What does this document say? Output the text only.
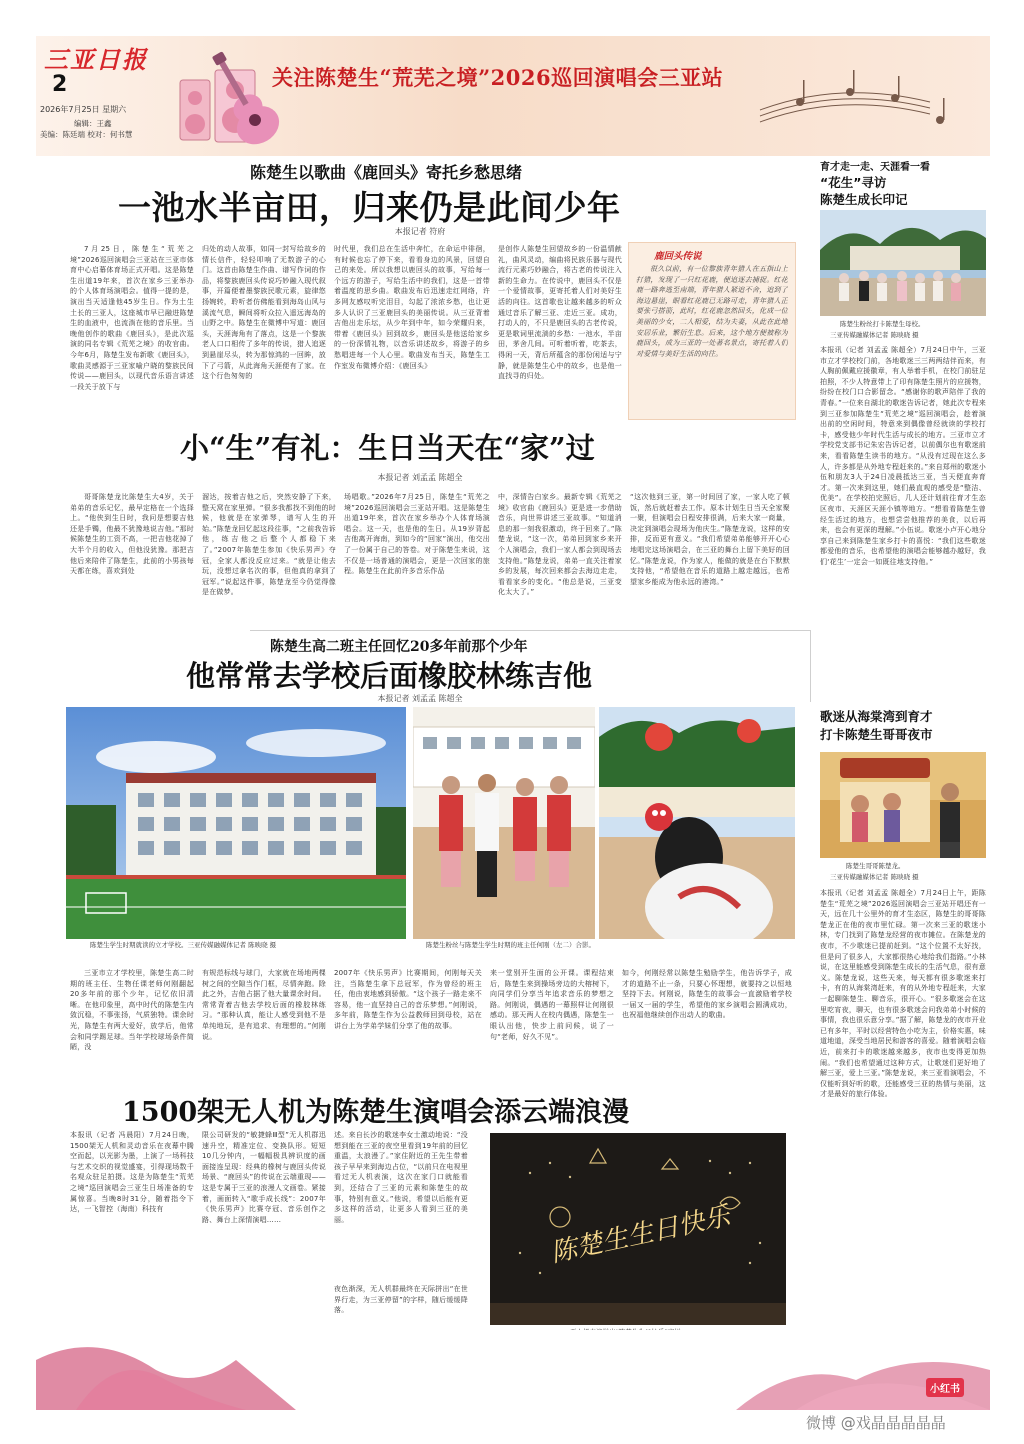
三亚日报
2
2026年7月25日 星期六
编辑：王鑫
美编：陈廷端 校对：何书慧
关注陈楚生“荒芜之境”2026巡回演唱会三亚站
陈楚生以歌曲《鹿回头》寄托乡愁思绪
一池水半亩田，归来仍是此间少年
本报记者 符府
7月25日，陈楚生“荒芜之境”2026巡回演唱会三亚站在三亚市体育中心启幕体育场正式开唱。这是陈楚生出道19年来，首次在家乡三亚举办的个人体育场演唱会。值得一提的是，演出当天适逢他45岁生日。作为土生土长的三亚人，这座城市早已融进陈楚生的血液中，也流淌在他的音乐里。当晚他创作的歌曲《鹿回头》，是此次巡演的同名专辑《荒芜之境》的收官曲。今年6月，陈楚生发布新歌《鹿回头》，歌曲灵感源于三亚家喻户晓的黎族民间传说——鹿回头，以现代音乐语言讲述一段关于放下与
归处的动人故事，如同一封写给故乡的情长信件，轻轻叩响了无数游子的心门。这首由陈楚生作曲、谱写作词的作品，将黎族鹿回头传说巧妙融入现代叙事，开篇便着墨黎族民歌元素，旋律悠扬婉转，聆听者仿佛能看到海岛山风与溪流气息，瞬间将听众拉入遥远海岛的山野之中。陈楚生在微博中写道：鹿回头，天涯海角有了落点，这是一个黎族老人口口相传了多年的传说，猎人追逐到悬崖尽头，转为那惊鸿的一回眸，放下了弓箭，从此海角天涯便有了家。在这个行色匆匆的
时代里，我们总在生活中奔忙，在命运中徘徊，有时候也忘了停下来，看看身边的风景，回望自己的来处。所以我想以鹿回头的故事，写给每一个远方的游子，写给生活中的我们，这是一首带着温度的思乡曲。歌曲发布后迅速走红网络，许多网友感叹听完泪目，勾起了浓浓乡愁，也让更多人认识了三亚鹿回头的美丽传说。从三亚背着吉他出走乐坛，从少年到中年，如今荣耀归来，带着《鹿回头》回到故乡，鹿回头是他送给家乡的一份深情礼物，以音乐讲述故乡，将游子的乡愁唱进每一个人心里。歌曲发布当天，陈楚生工作室发布微博介绍：《鹿回头》
是创作人陈楚生回望故乡的一份温情献礼，曲风灵动，编曲将民族乐器与现代流行元素巧妙融合，将古老的传说注入新的生命力。在传说中，鹿回头不仅是一个爱情故事，更寄托着人们对美好生活的向往。这首歌也让越来越多的听众通过音乐了解三亚、走近三亚。成功，打动人的，不只是鹿回头的古老传说，更是歌词里流淌的乡愁：一池水，半亩田，茅舍几间。可听着听着，吃茶去，得闲一天，背后所蕴含的那份闲适与宁静，就是陈楚生心中的故乡，也是他一直找寻的归处。
鹿回头传说
很久以前，有一位黎族青年猎人在五指山上打猎，发现了一只红花鹿，便追逐去捕捉。红花鹿一路奔逃至南端，青年猎人紧追不舍，追到了海边悬崖，眼看红花鹿已无路可走，青年猎人正要张弓搭箭，此时，红花鹿忽然回头，化成一位美丽的少女，二人相爱，结为夫妻，从此在此地安居乐业，繁衍生息。后来，这个地方便被称为鹿回头，成为三亚的一处著名景点，寄托着人们对爱情与美好生活的向往。
育才走一走、天涯看一看
“花生”寻访
陈楚生成长印记
陈楚生粉丝打卡陈楚生母校。
三亚传媒融媒体记者 陈映晓 摄
本报讯（记者 刘孟孟 陈超全）7月24日中午，三亚市立才学校校门前，各地歌迷三三两两结伴而来，有人胸前佩戴应援徽章，有人举着手机，在校门前驻足拍照，不少人特意带上了印有陈楚生照片的应援物，纷纷在校门口合影留念。“感谢你的歌声陪伴了我的青春。”一位来自湖北的歌迷告诉记者，她此次专程来到三亚参加陈楚生“荒芜之境”巡回演唱会，趁着演出前的空闲时间，特意来到偶像曾经就读的学校打卡，感受他少年时代生活与成长的地方。三亚市立才学校党支部书记朱宏告诉记者，以前偶尔也有歌迷前来，看看陈楚生读书的地方。“从没有过现在这么多人，许多都是从外地专程赶来的。”来自郑州的歌迷小伍和朋友3人于24日凌晨抵达三亚，当天便直奔育才。第一次来到这里，她们最直观的感受是“整洁、优美”。在学校拍完照后，几人还计划前往育才生态区夜市、天涯区天涯小镇等地方。“想看看陈楚生曾经生活过的地方，也想尝尝他推荐的美食，以后再来，也会有更深的理解。”小伍说。歌迷小卢开心地分享自己来到陈楚生家乡打卡的喜悦：“我们这些歌迷都爱他的音乐，也希望他的演唱会能够越办越好，我们‘花生’一定会一如既往地支持他。”
小“生”有礼：生日当天在“家”过
本报记者 刘孟孟 陈超全
哥哥陈楚龙比陈楚生大4岁，关于弟弟的音乐记忆，最早定格在一个选择上。“他侠到生日时，我问是想要吉他还是手镯，他最不犹豫地说吉他。”那时候陈楚生的工资不高，一把吉他花掉了大半个月的收入，但他没犹豫。那把吉他后来陪伴了陈楚生，此前的小男孩每天都在练，喜欢到处
溜达，按着吉他之后，突然安静了下来，整天窝在家里弹。“很多我都找不到他的时候，他就是在家弹琴，谱写人生的开始。”陈楚龙回忆起这段往事，“之前我告诉他，练吉他之后整个人都稳下来了。”2007年陈楚生参加《快乐男声》夺冠，全家人都没反应过来。“就是让他去玩，没想过拿名次的事，但他真的拿到了冠军。”说起这件事，陈楚龙至今仍觉得像是在做梦。
场唱歌。”2026年7月25日，陈楚生“荒芜之境”2026巡回演唱会三亚站开唱。这是陈楚生出道19年来，首次在家乡举办个人体育场演唱会。这一天，也是他的生日。从19岁背起吉他离开海南，到如今的“回家”演出，他交出了一份属于自己的答卷。对于陈楚生来说，这不仅是一场普通的演唱会，更是一次回家的旅程。陈楚生在此前许多音乐作品
中，深情告白家乡。最新专辑《荒芜之境》收官曲《鹿回头》更是进一步借助音乐，向世界讲述三亚故事。“知道消息的那一刻我很激动，终于回来了。”陈楚龙说，“这一次，弟弟回到家乡来开个人演唱会，我们一家人都会到现场去支持他。”陈楚龙说，弟弟一直关注着家乡的发展，每次回来都会去海边走走，看看家乡的变化。“他总是说，三亚变化太大了。”
“这次他到三亚，第一时间回了家，一家人吃了顿饭，然后就赶着去工作。原本计划生日当天全家聚一聚，但演唱会日程安排很满，后来大家一商量，决定到演唱会现场为他庆生。”陈楚龙说，这样的安排，反而更有意义。“我们希望弟弟能够开开心心地唱完这场演唱会，在三亚的舞台上留下美好的回忆。”陈楚龙说，作为家人，能做的就是在台下默默支持他，“希望他在音乐的道路上越走越远，也希望家乡能成为他永远的港湾。”
陈楚生高二班主任回忆20多年前那个少年
他常常去学校后面橡胶林练吉他
本报记者 刘孟孟 陈超全
陈楚生学生时期就读的立才学校。三亚传媒融媒体记者 陈映晓 摄	陈楚生粉丝与陈楚生学生时期的班主任何刚（左二）合影。
三亚市立才学校里，陈楚生高二时期的班主任、生物任课老师何刚翻起20多年前的那个少年，记忆依旧清晰。在他印象里，高中时代的陈楚生内敛沉稳，不事张扬，气质独特。课余时光，陈楚生有两大爱好，放学后，他常会和同学踢足球。当年学校球场条件简陋，没
有规范标线与球门，大家就在场地两棵树之间的空隙当作门框，尽情奔跑。除此之外，吉他占据了他大量课余时间。常常背着吉他去学校后面的橡胶林练习。“那种认真，能让人感受到他不是单纯地玩，是有追求、有理想的。”何刚说。
2007年《快乐男声》比赛期间，何刚每天关注，当陈楚生拿下总冠军，作为曾经的班主任，他由衷地感到骄傲。“这个孩子一路走来不容易，他一直坚持自己的音乐梦想。”何刚说，多年前，陈楚生作为公益教师回到母校，站在讲台上为学弟学妹们分享了他的故事。
来一堂别开生面的公开课。课程结束后，陈楚生来到操场旁边的大榕树下，向同学们分享当年追求音乐的梦想之路。何刚说，偶遇的一幕照样让何刚很感动。那天两人在校内偶遇，陈楚生一眼认出他，快步上前问候，说了一句“老师，好久不见”。
如今，何刚经常以陈楚生勉励学生，他告诉学子，成才的道路不止一条，只要心怀理想，就要持之以恒地坚持下去。何刚说，陈楚生的故事会一直激励着学校一届又一届的学生，希望他的家乡演唱会圆满成功，也祝福他继续创作出动人的歌曲。
歌迷从海棠湾到育才
打卡陈楚生哥哥夜市
陈楚生哥哥陈楚龙。
三亚传媒融媒体记者 陈映晓 摄
本报讯（记者 刘孟孟 陈超全）7月24日上午，距陈楚生“荒芜之境”2026巡回演唱会三亚站开唱还有一天，远在几十公里外的育才生态区，陈楚生的哥哥陈楚龙正在他的夜市里忙碌。第一次来三亚的歌迷小林，专门找到了陈楚龙经营的夜市摊位。在陈楚龙的夜市，不少歌迷已提前赶到。“这个位置不太好找，但是问了很多人，大家都很热心地给我们指路。”小林说，在这里能感受到陈楚生成长的生活气息，很有意义。陈楚龙说，这些天来，每天都有很多歌迷来打卡，有的从海棠湾赶来，有的从外地专程赶来，大家一起聊陈楚生、聊音乐，很开心。“很多歌迷会在这里吃宵夜，聊天，也有很多歌迷会问我弟弟小时候的事情，我也很乐意分享。”据了解，陈楚龙的夜市开业已有多年，平时以经营特色小吃为主，价格实惠，味道地道，深受当地居民和游客的喜爱。随着演唱会临近，前来打卡的歌迷越来越多，夜市也变得更加热闹。“我们也希望通过这种方式，让歌迷们更好地了解三亚，爱上三亚。”陈楚龙说，来三亚看演唱会，不仅能听到好听的歌，还能感受三亚的热情与美丽，这才是最好的旅行体验。
1500架无人机为陈楚生演唱会添云端浪漫
本报讯（记者 冯晨阳）7月24日晚，1500架无人机和灵动音乐在夜幕中腾空而起，以光影为墨，上演了一场科技与艺术交织的视觉盛宴，引得现场数千名观众驻足拍摄。这是为陈楚生“荒芜之境”巡回演唱会三亚生日场准备的专属惊喜。当晚8时31分，随着指令下达，一飞智控（海南）科技有
限公司研发的“敏捷蜂Ⅲ型”无人机群迅速升空，精准定位、变换队形。短短10几分钟内，一幅幅极具辨识度的画面接连呈现：经典的橡树与鹿回头传说场景、“鹿回头”的传说在云端重现——这是专属于三亚的浪漫人文画卷。紧接着，画面转入“歌手成长线”：2007年《快乐男声》比赛夺冠、音乐创作之路、舞台上深情演唱……
述。来自长沙的歌迷李女士激动地说：“没想到能在三亚的夜空里看到19年前的回忆重温，太浪漫了。”家住附近的王先生带着孩子早早来到海边占位，“以前只在电视里看过无人机表演，这次在家门口就能看到，还结合了三亚的元素和陈楚生的故事，特别有意义。”他说，希望以后能有更多这样的活动，让更多人看到三亚的美丽。
夜色渐深，无人机群最终在天际拼出“在世界行走，为三亚停留”的字样，随后缓缓降落。
陈楚生生日快乐
小红书
微博 @戏晶晶晶晶晶
